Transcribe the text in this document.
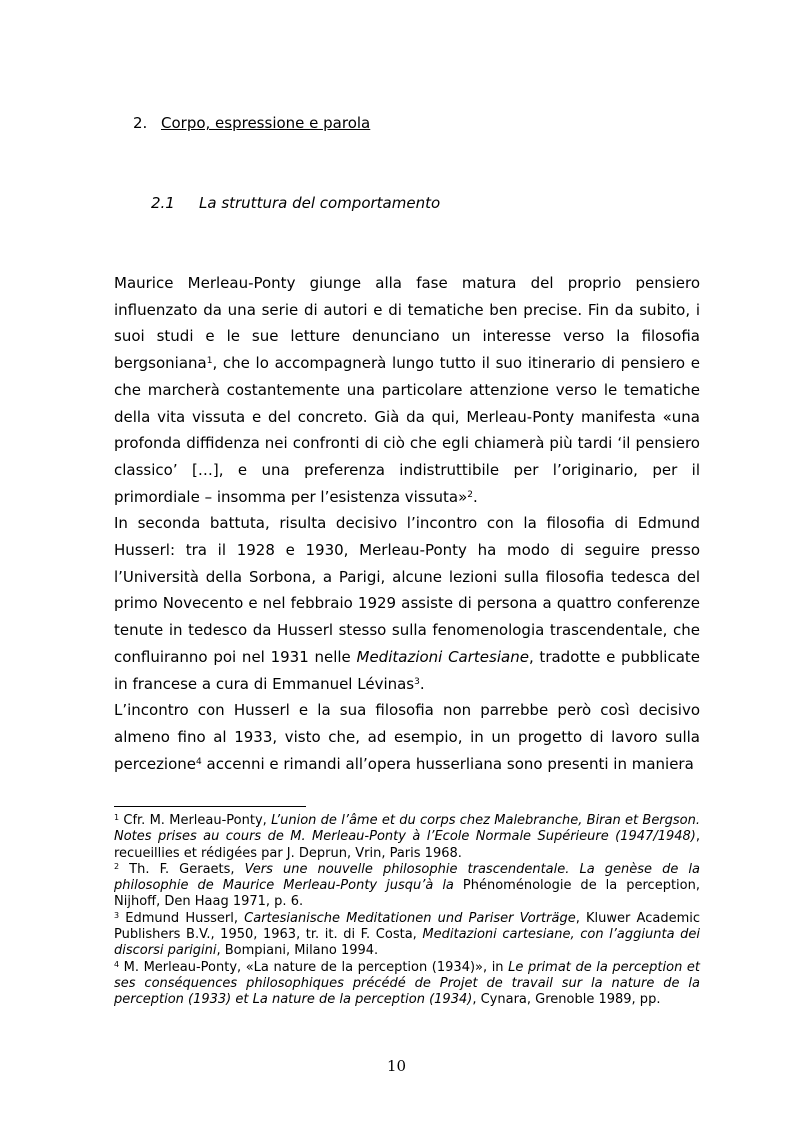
2. Corpo, espressione e parola
2.1 La struttura del comportamento

Maurice Merleau-Ponty giunge alla fase matura del proprio pensiero influenzato da una serie di autori e di tematiche ben precise. Fin da subito, i suoi studi e le sue letture denunciano un interesse verso la filosofia bergsoniana$^1$, che lo accompagnerà lungo tutto il suo itinerario di pensiero e che marcherà costantemente una particolare attenzione verso le tematiche della vita vissuta e del concreto. Già da qui, Merleau-Ponty manifesta «una profonda diffidenza nei confronti di ciò che egli chiamerà più tardi ‘il pensiero classico’ […], e una preferenza indistruttibile per l’originario, per il primordiale – insomma per l’esistenza vissuta»$^2$.

In seconda battuta, risulta decisivo l’incontro con la filosofia di Edmund Husserl: tra il 1928 e 1930, Merleau-Ponty ha modo di seguire presso l’Università della Sorbona, a Parigi, alcune lezioni sulla filosofia tedesca del primo Novecento e nel febbraio 1929 assiste di persona a quattro conferenze tenute in tedesco da Husserl stesso sulla fenomenologia trascendentale, che confluiranno poi nel 1931 nelle Meditazioni Cartesiane, tradotte e pubblicate in francese a cura di Emmanuel Lévinas$^3$.

L’incontro con Husserl e la sua filosofia non parrebbe però così decisivo almeno fino al 1933, visto che, ad esempio, in un progetto di lavoro sulla percezione$^4$ accenni e rimandi all’opera husserliana sono presenti in maniera

$^1$ Cfr. M. Merleau-Ponty, L’union de l’âme et du corps chez Malebranche, Biran et Bergson. Notes prises au cours de M. Merleau-Ponty à l’Ecole Normale Supérieure (1947/1948), recueillies et rédigées par J. Deprun, Vrin, Paris 1968.

$^2$ Th. F. Geraets, Vers une nouvelle philosophie trascendentale. La genèse de la philosophie de Maurice Merleau-Ponty jusqu’à la Phénoménologie de la perception, Nijhoff, Den Haag 1971, p. 6.

$^3$ Edmund Husserl, Cartesianische Meditationen und Pariser Vorträge, Kluwer Academic Publishers B.V., 1950, 1963, tr. it. di F. Costa, Meditazioni cartesiane, con l’aggiunta dei discorsi parigini, Bompiani, Milano 1994.

$^4$ M. Merleau-Ponty, «La nature de la perception (1934)», in Le primat de la perception et ses conséquences philosophiques précédé de Projet de travail sur la nature de la perception (1933) et La nature de la perception (1934), Cynara, Grenoble 1989, pp.

10
